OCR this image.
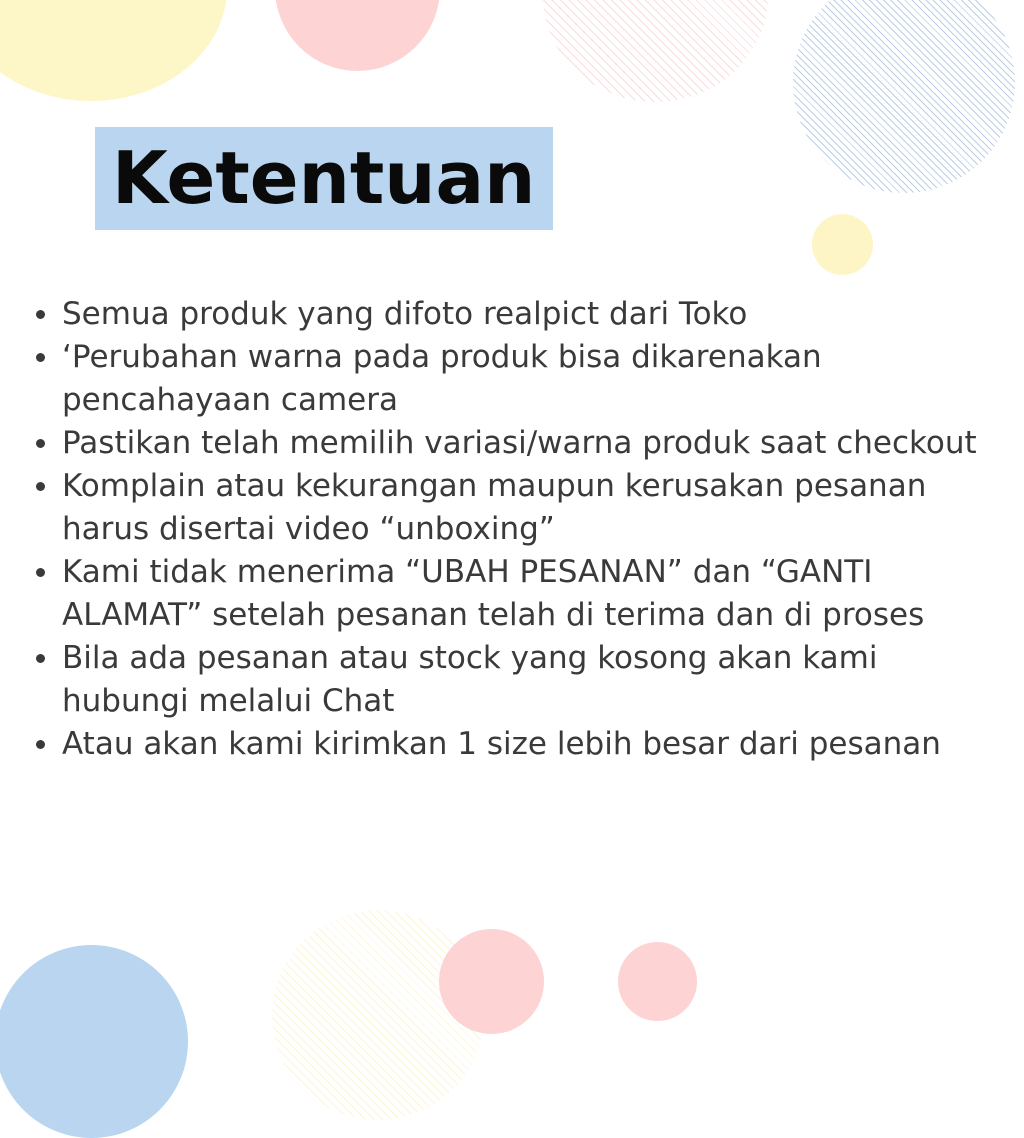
Ketentuan
Semua produk yang difoto realpict dari Toko
ʻPerubahan warna pada produk bisa dikarenakan pencahayaan camera
Pastikan telah memilih variasi/warna produk saat checkout
Komplain atau kekurangan maupun kerusakan pesanan harus disertai video “unboxing”
Kami tidak menerima “UBAH PESANAN” dan “GANTI ALAMAT” setelah pesanan telah di terima dan di proses
Bila ada pesanan atau stock yang kosong akan kami hubungi melalui Chat
Atau akan kami kirimkan 1 size lebih besar dari pesanan
